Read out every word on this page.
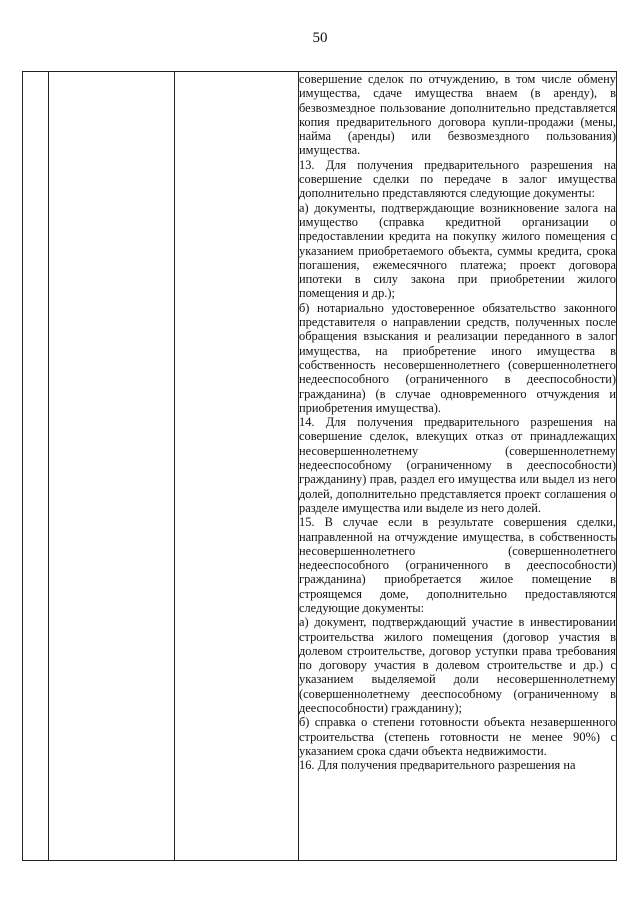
50

совершение сделок по отчуждению, в том числе обмену имущества, сдаче имущества внаем (в аренду), в безвозмездное пользование дополнительно представляется копия предварительного договора купли-продажи (мены, найма (аренды) или безвозмездного пользования) имущества.

13. Для получения предварительного разрешения на совершение сделки по передаче в залог имущества дополнительно представляются следующие документы:

а) документы, подтверждающие возникновение залога на имущество (справка кредитной организации о предоставлении кредита на покупку жилого помещения с указанием приобретаемого объекта, суммы кредита, срока погашения, ежемесячного платежа; проект договора ипотеки в силу закона при приобретении жилого помещения и др.);

б) нотариально удостоверенное обязательство законного представителя о направлении средств, полученных после обращения взыскания и реализации переданного в залог имущества, на приобретение иного имущества в собственность несовершеннолетнего (совершеннолетнего недееспособного (ограниченного в дееспособности) гражданина) (в случае одновременного отчуждения и приобретения имущества).

14. Для получения предварительного разрешения на совершение сделок, влекущих отказ от принадлежащих несовершеннолетнему (совершеннолетнему недееспособному (ограниченному в дееспособности) гражданину) прав, раздел его имущества или выдел из него долей, дополнительно представляется проект соглашения о разделе имущества или выделе из него долей.

15. В случае если в результате совершения сделки, направленной на отчуждение имущества, в собственность несовершеннолетнего (совершеннолетнего недееспособного (ограниченного в дееспособности) гражданина) приобретается жилое помещение в строящемся доме, дополнительно предоставляются следующие документы:

а) документ, подтверждающий участие в инвестировании строительства жилого помещения (договор участия в долевом строительстве, договор уступки права требования по договору участия в долевом строительстве и др.) с указанием выделяемой доли несовершеннолетнему (совершеннолетнему дееспособному (ограниченному в дееспособности) гражданину);

б) справка о степени готовности объекта незавершенного строительства (степень готовности не менее 90%) с указанием срока сдачи объекта недвижимости.

16. Для получения предварительного разрешения на
